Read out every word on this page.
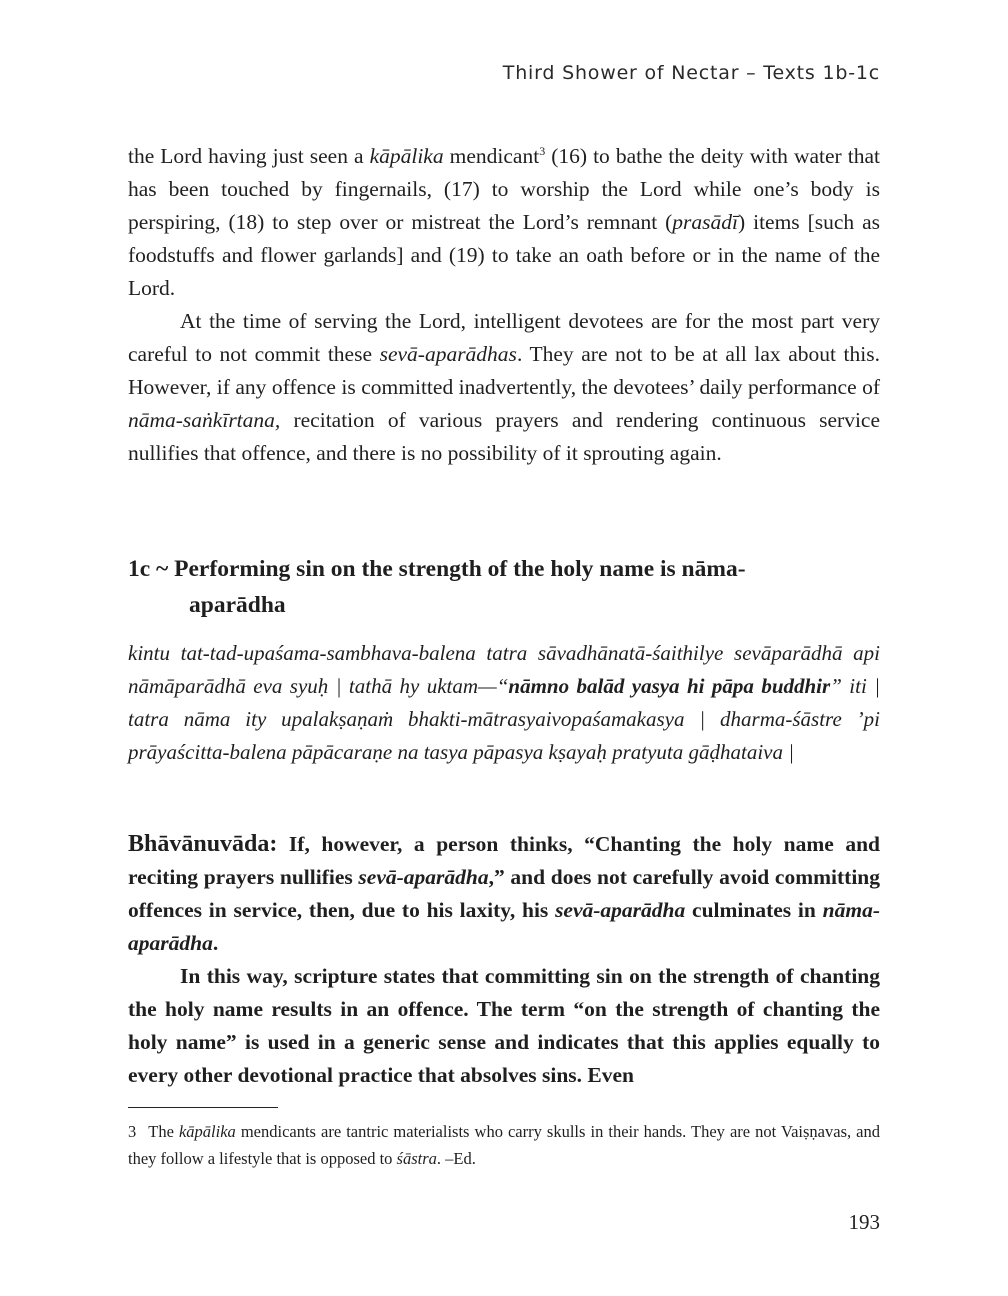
Third Shower of Nectar – Texts 1b-1c

the Lord having just seen a kāpālika mendicant$^3$ (16) to bathe the deity with water that has been touched by fingernails, (17) to worship the Lord while one’s body is perspiring, (18) to step over or mistreat the Lord’s remnant (prasādī) items [such as foodstuffs and flower garlands] and (19) to take an oath before or in the name of the Lord.

At the time of serving the Lord, intelligent devotees are for the most part very careful to not commit these sevā-aparādhas. They are not to be at all lax about this. However, if any offence is committed inadvertently, the devotees’ daily performance of nāma-saṅkīrtana, recitation of various prayers and rendering continuous service nullifies that offence, and there is no possibility of it sprouting again.

1c ~ Performing sin on the strength of the holy name is nāma-
aparādha
kintu tat-tad-upaśama-sambhava-balena tatra sāvadhānatā-śaithilye sevāparādhā api nāmāparādhā eva syuḥ | tathā hy uktam—“nāmno balād yasya hi pāpa buddhir” iti | tatra nāma ity upalakṣaṇaṁ bhakti-mātrasyaivopaśamakasya | dharma-śāstre ’pi prāyaścitta-balena pāpācaraṇe na tasya pāpasya kṣayaḥ pratyuta gāḍhataiva |

Bhāvānuvāda: If, however, a person thinks, “Chanting the holy name and reciting prayers nullifies sevā-aparādha,” and does not carefully avoid committing offences in service, then, due to his laxity, his sevā-aparādha culminates in nāma-aparādha.

In this way, scripture states that committing sin on the strength of chanting the holy name results in an offence. The term “on the strength of chanting the holy name” is used in a generic sense and indicates that this applies equally to every other devotional practice that absolves sins. Even

3 The kāpālika mendicants are tantric materialists who carry skulls in their hands. They are not Vaiṣṇavas, and they follow a lifestyle that is opposed to śāstra. –Ed.
193
